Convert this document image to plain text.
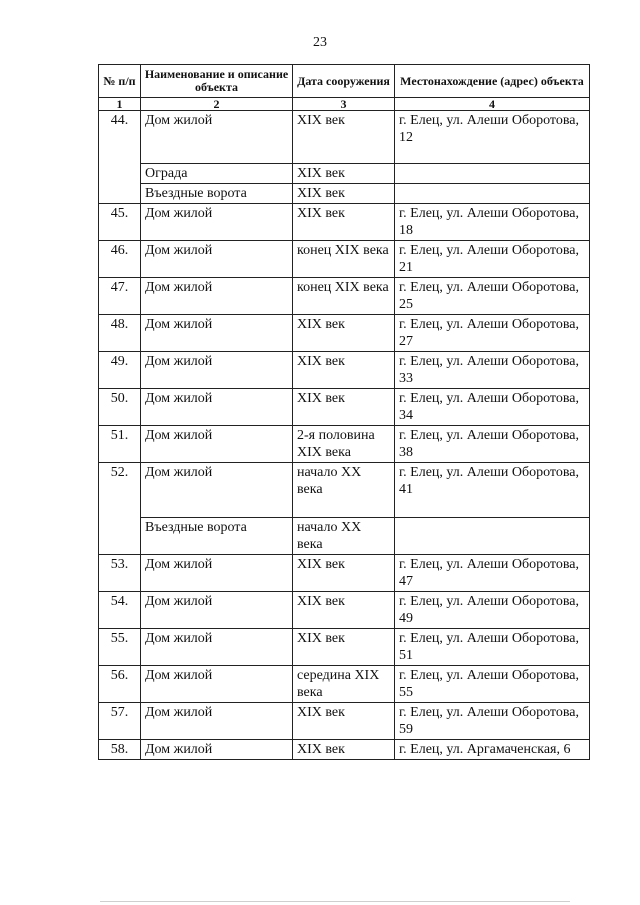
23
№ п/п	Наименование и описание объекта	Дата сооружения	Местонахождение (адрес) объекта
1	2	3	4
44.	Дом жилой	XIX век	г. Елец, ул. Алеши Оборотова, 12
	Ограда	XIX век	
	Въездные ворота	XIX век	
45.	Дом жилой	XIX век	г. Елец, ул. Алеши Оборотова, 18
46.	Дом жилой	конец XIX века	г. Елец, ул. Алеши Оборотова, 21
47.	Дом жилой	конец XIX века	г. Елец, ул. Алеши Оборотова, 25
48.	Дом жилой	XIX век	г. Елец, ул. Алеши Оборотова, 27
49.	Дом жилой	XIX век	г. Елец, ул. Алеши Оборотова, 33
50.	Дом жилой	XIX век	г. Елец, ул. Алеши Оборотова, 34
51.	Дом жилой	2-я половина XIX века	г. Елец, ул. Алеши Оборотова, 38
52.	Дом жилой	начало XX века	г. Елец, ул. Алеши Оборотова, 41
	Въездные ворота	начало XX века	
53.	Дом жилой	XIX век	г. Елец, ул. Алеши Оборотова, 47
54.	Дом жилой	XIX век	г. Елец, ул. Алеши Оборотова, 49
55.	Дом жилой	XIX век	г. Елец, ул. Алеши Оборотова, 51
56.	Дом жилой	середина XIX века	г. Елец, ул. Алеши Оборотова, 55
57.	Дом жилой	XIX век	г. Елец, ул. Алеши Оборотова, 59
58.	Дом жилой	XIX век	г. Елец, ул. Аргамаченская, 6
